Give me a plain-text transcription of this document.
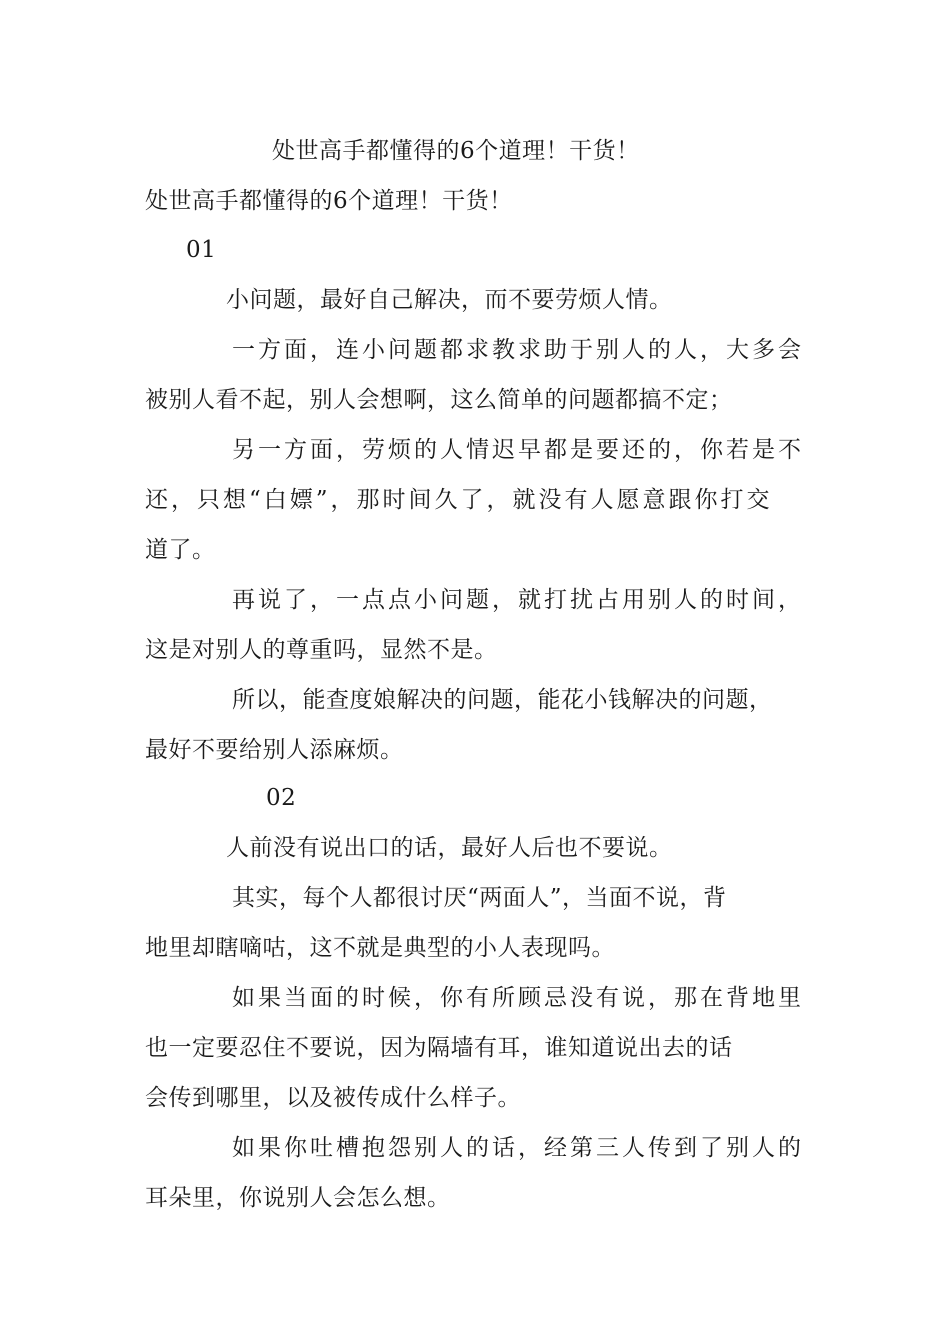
处世高手都懂得的6个道理！干货！
处世高手都懂得的6个道理！干货！
01
小问题，最好自己解决，而不要劳烦人情。
一方面，连小问题都求教求助于别人的人，大多会
被别人看不起，别人会想啊，这么简单的问题都搞不定；
另一方面，劳烦的人情迟早都是要还的，你若是不
还，只想“白嫖”，那时间久了，就没有人愿意跟你打交
道了。
再说了，一点点小问题，就打扰占用别人的时间，
这是对别人的尊重吗，显然不是。
所以，能查度娘解决的问题，能花小钱解决的问题，
最好不要给别人添麻烦。
02
人前没有说出口的话，最好人后也不要说。
其实，每个人都很讨厌“两面人”，当面不说，背
地里却瞎嘀咕，这不就是典型的小人表现吗。
如果当面的时候，你有所顾忌没有说，那在背地里
也一定要忍住不要说，因为隔墙有耳，谁知道说出去的话
会传到哪里，以及被传成什么样子。
如果你吐槽抱怨别人的话，经第三人传到了别人的
耳朵里，你说别人会怎么想。
